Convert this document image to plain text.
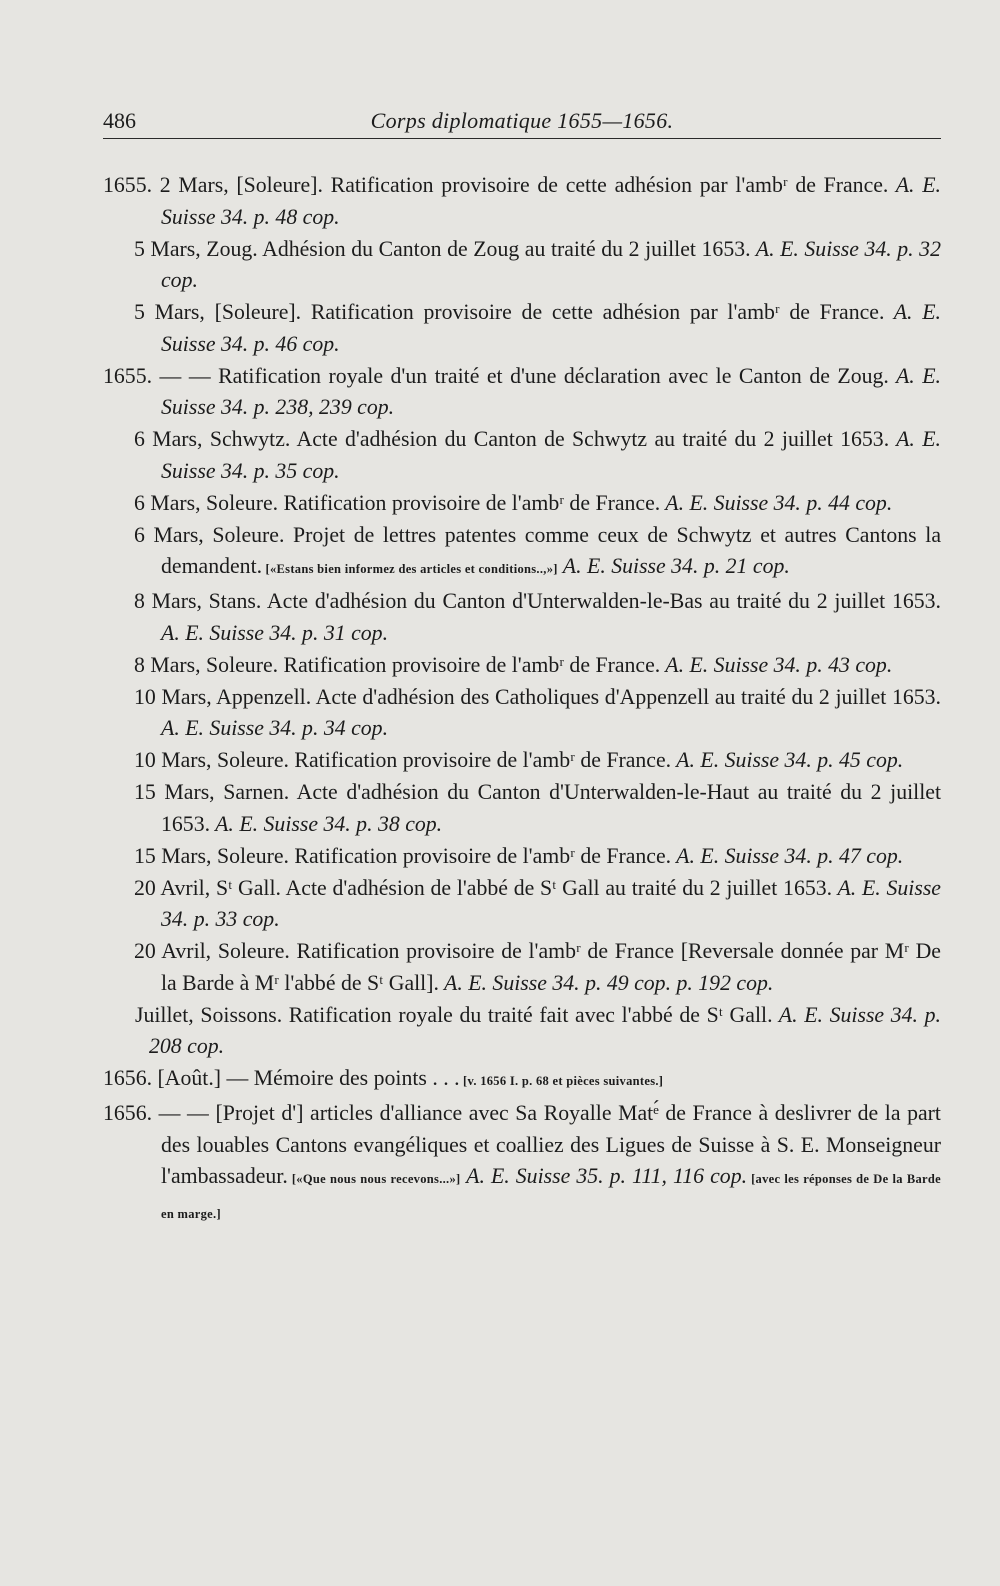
486	Corps diplomatique 1655—1656.

1655. 2 Mars, [Soleure]. Ratification provisoire de cette adhésion par l'ambʳ de France. A. E. Suisse 34. p. 48 cop.

5 Mars, Zoug. Adhésion du Canton de Zoug au traité du 2 juillet 1653. A. E. Suisse 34. p. 32 cop.

5 Mars, [Soleure]. Ratification provisoire de cette adhésion par l'ambʳ de France. A. E. Suisse 34. p. 46 cop.

1655. — — Ratification royale d'un traité et d'une déclaration avec le Canton de Zoug. A. E. Suisse 34. p. 238, 239 cop.

6 Mars, Schwytz. Acte d'adhésion du Canton de Schwytz au traité du 2 juillet 1653. A. E. Suisse 34. p. 35 cop.

6 Mars, Soleure. Ratification provisoire de l'ambʳ de France. A. E. Suisse 34. p. 44 cop.

6 Mars, Soleure. Projet de lettres patentes comme ceux de Schwytz et autres Cantons la demandent. [«Estans bien informez des articles et conditions..,»] A. E. Suisse 34. p. 21 cop.

8 Mars, Stans. Acte d'adhésion du Canton d'Unterwalden-le-Bas au traité du 2 juillet 1653. A. E. Suisse 34. p. 31 cop.

8 Mars, Soleure. Ratification provisoire de l'ambʳ de France. A. E. Suisse 34. p. 43 cop.

10 Mars, Appenzell. Acte d'adhésion des Catholiques d'Appenzell au traité du 2 juillet 1653. A. E. Suisse 34. p. 34 cop.

10 Mars, Soleure. Ratification provisoire de l'ambʳ de France. A. E. Suisse 34. p. 45 cop.

15 Mars, Sarnen. Acte d'adhésion du Canton d'Unterwalden-le-Haut au traité du 2 juillet 1653. A. E. Suisse 34. p. 38 cop.

15 Mars, Soleure. Ratification provisoire de l'ambʳ de France. A. E. Suisse 34. p. 47 cop.

20 Avril, Sᵗ Gall. Acte d'adhésion de l'abbé de Sᵗ Gall au traité du 2 juillet 1653. A. E. Suisse 34. p. 33 cop.

20 Avril, Soleure. Ratification provisoire de l'ambʳ de France [Reversale donnée par Mʳ De la Barde à Mʳ l'abbé de Sᵗ Gall]. A. E. Suisse 34. p. 49 cop. p. 192 cop.

Juillet, Soissons. Ratification royale du traité fait avec l'abbé de Sᵗ Gall. A. E. Suisse 34. p. 208 cop.

1656. [Août.] — Mémoire des points . . . [v. 1656 I. p. 68 et pièces suivantes.]

1656. — — [Projet d'] articles d'alliance avec Sa Royalle Matᵉ́ de France à deslivrer de la part des louables Cantons evangéliques et coalliez des Ligues de Suisse à S. E. Monseigneur l'ambassadeur. [«Que nous nous recevons...»] A. E. Suisse 35. p. 111, 116 cop. [avec les réponses de De la Barde en marge.]
